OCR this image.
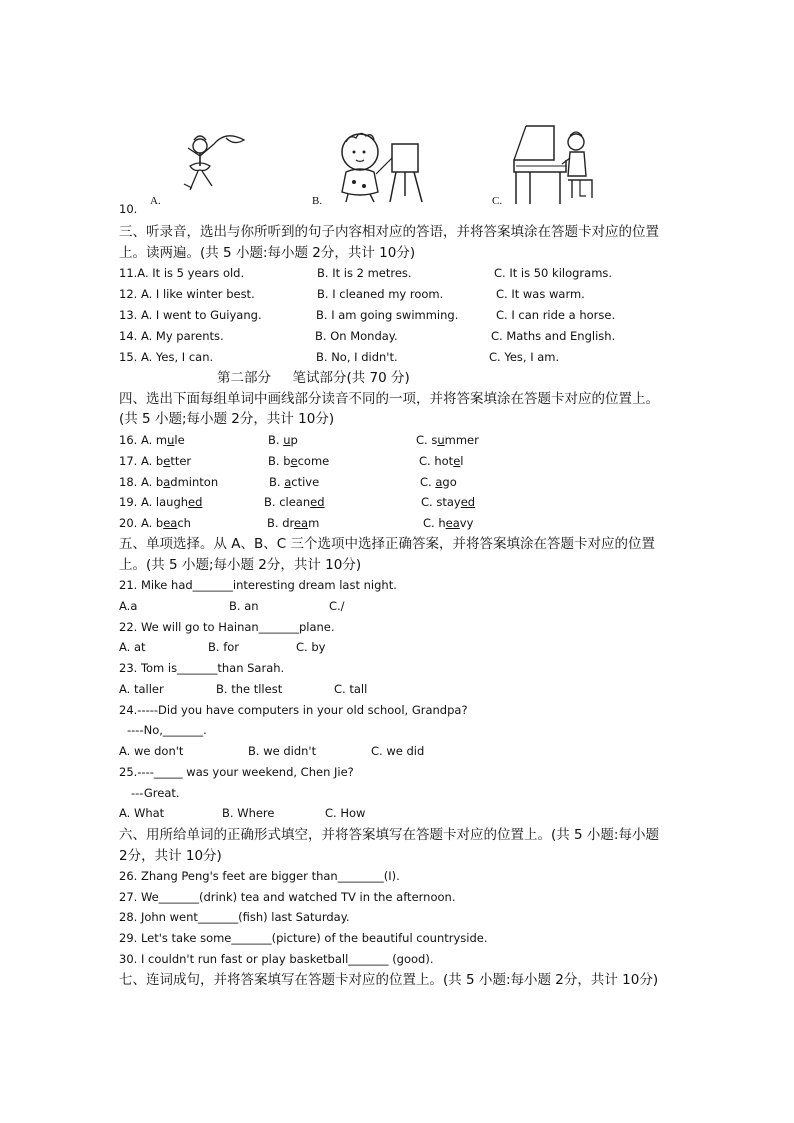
A.	B.	C.
10.
三、听录音，选出与你所听到的句子内容相对应的答语，并将答案填涂在答题卡对应的位置
上。读两遍。(共 5 小题:每小题 2分，共计 10分)
11.A. It is 5 years old.	B. It is 2 metres.	C. It is 50 kilograms.
12. A. I like winter best.	B. I cleaned my room.	C. It was warm.
13. A. I went to Guiyang.	B. I am going swimming.	C. I can ride a horse.
14. A. My parents.	B. On Monday.	C. Maths and English.
15. A. Yes, I can.	B. No, I didn't.	C. Yes, I am.
第二部分     笔试部分(共 70 分)
四、选出下面每组单词中画线部分读音不同的一项，并将答案填涂在答题卡对应的位置上。
(共 5 小题;每小题 2分，共计 10分)
16. A. mule	B. up	C. summer
17. A. better	B. become	C. hotel
18. A. badminton	B. active	C. ago
19. A. laughed	B. cleaned	C. stayed
20. A. beach	B. dream	C. heavy
五、单项选择。从 A、B、C 三个选项中选择正确答案，并将答案填涂在答题卡对应的位置
上。(共 5 小题;每小题 2分，共计 10分)
21. Mike had_______interesting dream last night.
A.a	B. an	C./
22. We will go to Hainan_______plane.
A. at	B. for	C. by
23. Tom is_______than Sarah.
A. taller	B. the tllest	C. tall
24.-----Did you have computers in your old school, Grandpa?
----No,_______.
A. we don't	B. we didn't	C. we did
25.----_____ was your weekend, Chen Jie?
---Great.
A. What	B. Where	C. How
六、用所给单词的正确形式填空，并将答案填写在答题卡对应的位置上。(共 5 小题:每小题
2分，共计 10分)
26. Zhang Peng's feet are bigger than________(I).
27. We_______(drink) tea and watched TV in the afternoon.
28. John went_______(fish) last Saturday.
29. Let's take some_______(picture) of the beautiful countryside.
30. I couldn't run fast or play basketball_______ (good).
七、连词成句，并将答案填写在答题卡对应的位置上。(共 5 小题:每小题 2分，共计 10分)
